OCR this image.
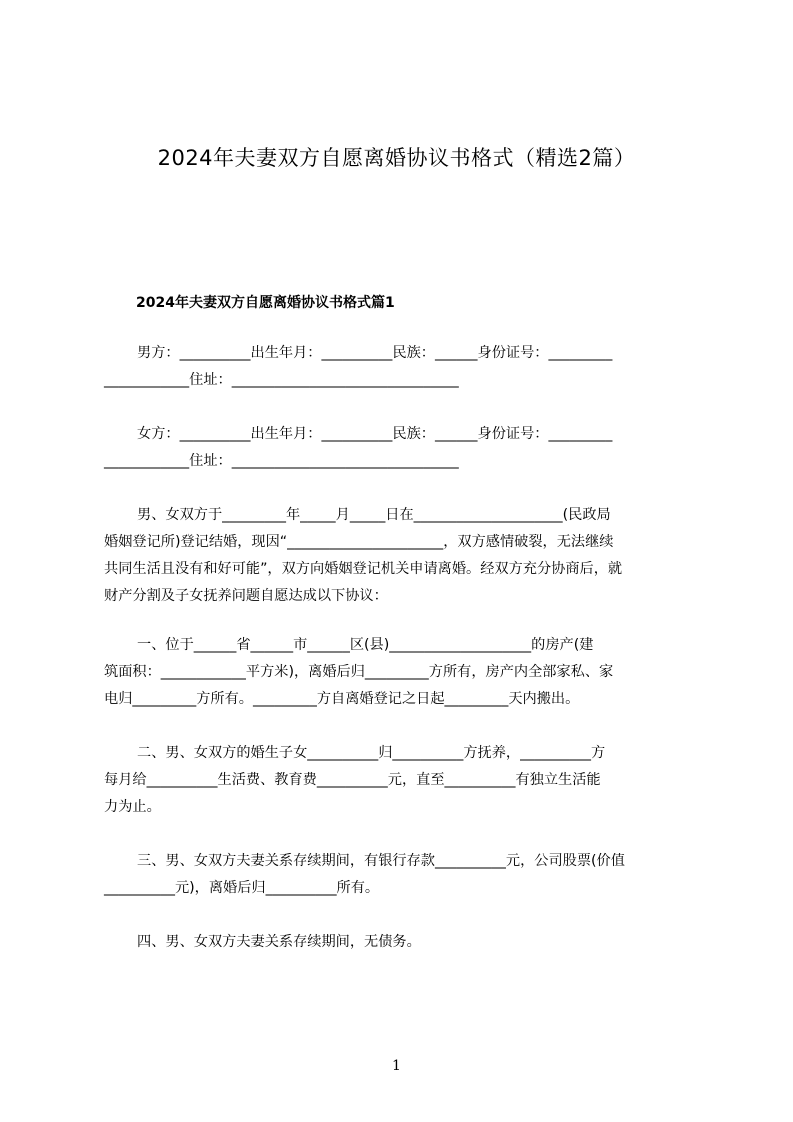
2024年夫妻双方自愿离婚协议书格式（精选2篇）
2024年夫妻双方自愿离婚协议书格式篇1
男方：__________出生年月：__________民族：______身份证号：_________
____________住址：________________________________
女方：__________出生年月：__________民族：______身份证号：_________
____________住址：________________________________
男、女双方于_________年_____月_____日在_____________________(民政局
婚姻登记所)登记结婚，现因“______________________，双方感情破裂，无法继续
共同生活且没有和好可能”，双方向婚姻登记机关申请离婚。经双方充分协商后，就
财产分割及子女抚养问题自愿达成以下协议：
一、位于______省______市______区(县)____________________的房产(建
筑面积：____________平方米)，离婚后归_________方所有，房产内全部家私、家
电归_________方所有。_________方自离婚登记之日起_________天内搬出。
二、男、女双方的婚生子女__________归__________方抚养，__________方
每月给__________生活费、教育费__________元，直至__________有独立生活能
力为止。
三、男、女双方夫妻关系存续期间，有银行存款__________元，公司股票(价值
__________元)，离婚后归__________所有。
四、男、女双方夫妻关系存续期间，无债务。
1
